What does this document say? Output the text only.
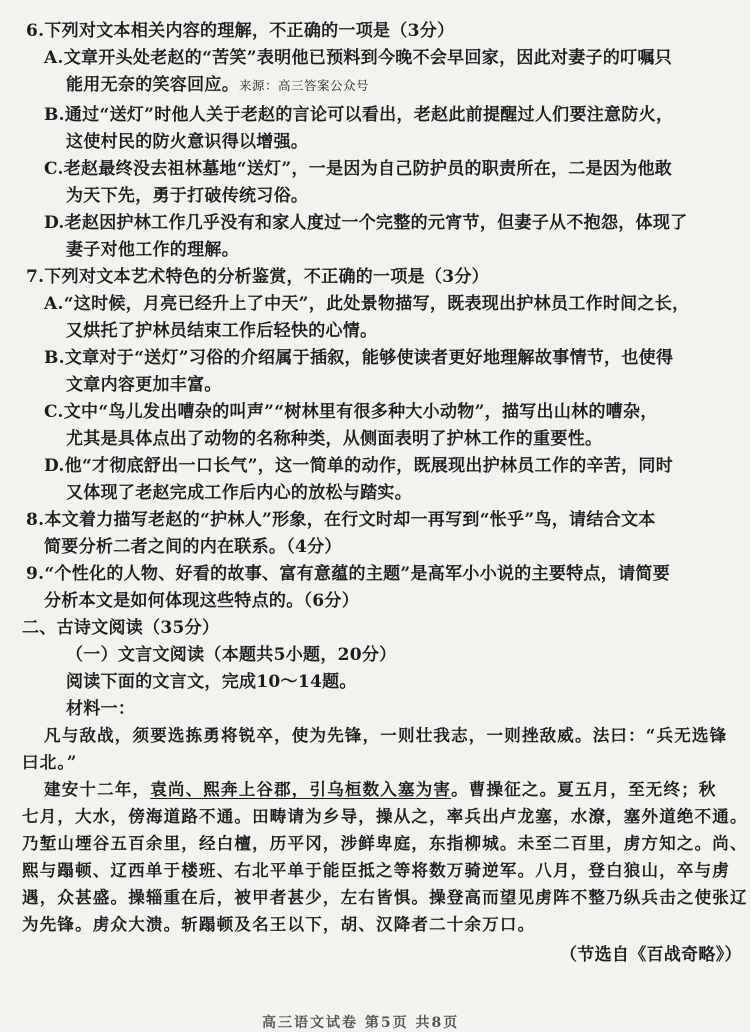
6.下列对文本相关内容的理解，不正确的一项是（3分）
A.文章开头处老赵的“苦笑”表明他已预料到今晚不会早回家，因此对妻子的叮嘱只
能用无奈的笑容回应。来源：高三答案公众号
B.通过“送灯”时他人关于老赵的言论可以看出，老赵此前提醒过人们要注意防火，
这使村民的防火意识得以增强。
C.老赵最终没去祖林墓地“送灯”，一是因为自己防护员的职责所在，二是因为他敢
为天下先，勇于打破传统习俗。
D.老赵因护林工作几乎没有和家人度过一个完整的元宵节，但妻子从不抱怨，体现了
妻子对他工作的理解。
7.下列对文本艺术特色的分析鉴赏，不正确的一项是（3分）
A.“这时候，月亮已经升上了中天”，此处景物描写，既表现出护林员工作时间之长，
又烘托了护林员结束工作后轻快的心情。
B.文章对于“送灯”习俗的介绍属于插叙，能够使读者更好地理解故事情节，也使得
文章内容更加丰富。
C.文中“鸟儿发出嘈杂的叫声”“树林里有很多种大小动物”，描写出山林的嘈杂，
尤其是具体点出了动物的名称种类，从侧面表明了护林工作的重要性。
D.他“才彻底舒出一口长气”，这一简单的动作，既展现出护林员工作的辛苦，同时
又体现了老赵完成工作后内心的放松与踏实。
8.本文着力描写老赵的“护林人”形象，在行文时却一再写到“怅乎”鸟，请结合文本
简要分析二者之间的内在联系。（4分）
9.“个性化的人物、好看的故事、富有意蕴的主题”是高军小小说的主要特点，请简要
分析本文是如何体现这些特点的。（6分）
二、古诗文阅读（35分）
（一）文言文阅读（本题共5小题，20分）
阅读下面的文言文，完成10～14题。
材料一：
凡与敌战，须要选拣勇将锐卒，使为先锋，一则壮我志，一则挫敌威。法曰：“兵无选锋
曰北。”
建安十二年，袁尚、熙奔上谷郡，引乌桓数入塞为害。曹操征之。夏五月，至无终；秋
七月，大水，傍海道路不通。田畴请为乡导，操从之，率兵出卢龙塞，水潦，塞外道绝不通。
乃堑山堙谷五百余里，经白檀，历平冈，涉鲜卑庭，东指柳城。未至二百里，虏方知之。尚、
熙与蹋顿、辽西单于楼班、右北平单于能臣抵之等将数万骑逆军。八月，登白狼山，卒与虏
遇，众甚盛。操辎重在后，被甲者甚少，左右皆惧。操登高而望见虏阵不整乃纵兵击之使张辽
为先锋。虏众大溃。斩蹋顿及名王以下，胡、汉降者二十余万口。
（节选自《百战奇略》）
高三语文试卷 第5页 共8页
